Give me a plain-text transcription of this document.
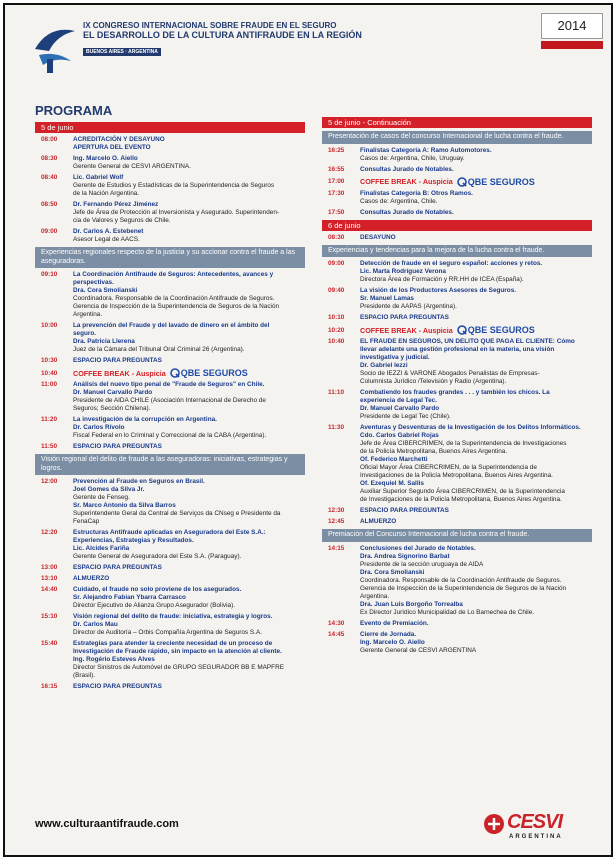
IX CONGRESO INTERNACIONAL SOBRE FRAUDE EN EL SEGURO
EL DESARROLLO DE LA CULTURA ANTIFRAUDE EN LA REGIÓN
BUENOS AIRES · ARGENTINA
2014
PROGRAMA
5 de junio
08:00	ACREDITACIÓN Y DESAYUNO
APERTURA DEL EVENTO
08:30	Ing. Marcelo O. Aiello
Gerente General de CESVI ARGENTINA.
08:40	Lic. Gabriel Wolf
Gerente de Estudios y Estadísticas de la Superintendencia de Seguros
de la Nación Argentina.
08:50	Dr. Fernando Pérez Jiménez
Jefe de Área de Protección al Inversionista y Asegurado. Superintenden-
cia de Valores y Seguros de Chile.
09:00	Dr. Carlos A. Estebenet
Asesor Legal de AACS.
Experiencias regionales respecto de la justicia y su accionar contra el fraude a las aseguradoras.
09:10	La Coordinación Antifraude de Seguros: Antecedentes, avances y
perspectivas.
Dra. Cora Smolianski
Coordinadora. Responsable de la Coordinación Antifraude de Seguros.
Gerencia de Inspección de la Superintendencia de Seguros de la Nación
Argentina.
10:00	La prevención del Fraude y del lavado de dinero en el ámbito del
seguro.
Dra. Patricia Llerena
Juez de la Cámara del Tribunal Oral Criminal 26 (Argentina).
10:30	ESPACIO PARA PREGUNTAS
10:40	COFFEE BREAK - Auspicia QBE SEGUROS
11:00	Análisis del nuevo tipo penal de "Fraude de Seguros" en Chile.
Dr. Manuel Carvallo Pardo
Presidente de AIDA CHILE (Asociación Internacional de Derecho de
Seguros; Sección Chilena).
11:20	La investigación de la corrupción en Argentina.
Dr. Carlos Rívolo
Fiscal Federal en lo Criminal y Correccional de la CABA (Argentina).
11:50	ESPACIO PARA PREGUNTAS
Visión regional del delito de fraude a las aseguradoras: iniciativas, estrategias y logros.
12:00	Prevención al Fraude en Seguros en Brasil.
Joel Gomes da Silva Jr.
Gerente de Fenseg.
Sr. Marco Antonio da Silva Barros
Superintendente Geral da Central de Serviços da CNseg e Presidente da
FenaCap
12:20	Estructuras Antifraude aplicadas en Aseguradora del Este S.A.:
Experiencias, Estrategias y Resultados.
Lic. Alcides Fariña
Gerente General de Aseguradora del Este S.A. (Paraguay).
13:00	ESPACIO PARA PREGUNTAS
13:10	ALMUERZO
14:40	Cuidado, el fraude no solo proviene de los asegurados.
Sr. Alejandro Fabian Ybarra Carrasco
Director Ejecutivo de Alianza Grupo Asegurador (Bolivia).
15:10	Visión regional del delito de fraude: iniciativa, estrategia y logros.
Dr. Carlos Mau
Director de Auditoría – Orbis Compañía Argentina de Seguros S.A.
15:40	Estrategias para atender la creciente necesidad de un proceso de
Investigación de Fraude rápido, sin impacto en la atención al cliente.
Ing. Rogério Esteves Alves
Director Sinistros de Automóvel de GRUPO SEGURADOR BB E MAPFRE
(Brasil).
16:15	ESPACIO PARA PREGUNTAS
5 de junio - Continuación
Presentación de casos del concurso Internacional de lucha contra el fraude.
16:25	Finalistas Categoría A: Ramo Automotores.
Casos de: Argentina, Chile, Uruguay.
16:55	Consultas Jurado de Notables.
17:00	COFFEE BREAK - Auspicia QBE SEGUROS
17:30	Finalistas Categoría B: Otros Ramos.
Casos de: Argentina, Chile.
17:50	Consultas Jurado de Notables.
6 de junio
08:30	DESAYUNO
Experiencias y tendencias para la mejora de la lucha contra el fraude.
09:00	Detección de fraude en el seguro español: acciones y retos.
Lic. Marta Rodríguez Verona
Directora Área de Formación y RR.HH de ICEA (España).
09:40	La visión de los Productores Asesores de Seguros.
Sr. Manuel Lamas
Presidente de AAPAS (Argentina).
10:10	ESPACIO PARA PREGUNTAS
10:20	COFFEE BREAK - Auspicia QBE SEGUROS
10:40	EL FRAUDE EN SEGUROS, UN DELITO QUE PAGA EL CLIENTE: Cómo
llevar adelante una gestión profesional en la materia, una visión
investigativa y judicial.
Dr. Gabriel Iezzi
Socio de IEZZI & VARONE Abogados Penalistas de Empresas-
Columnista Jurídico /Televisión y Radio (Argentina).
11:10	Combatiendo los fraudes grandes . . . y también los chicos. La
experiencia de Legal Tec.
Dr. Manuel Carvallo Pardo
Presidente de Legal Tec (Chile).
11:30	Aventuras y Desventuras de la Investigación de los Delitos Informáticos.
Cdo. Carlos Gabriel Rojas
Jefe de Área CIBERCRIMEN, de la Superintendencia de Investigaciones
de la Policía Metropolitana, Buenos Aires Argentina.
Of. Federico Marchetti
Oficial Mayor Área CIBERCRIMEN, de la Superintendencia de
Investigaciones de la Policía Metropolitana, Buenos Aires Argentina.
Of. Ezequiel M. Sallis
Auxiliar Superior Segundo Área CIBERCRIMEN, de la Superintendencia
de Investigaciones de la Policía Metropolitana, Buenos Aires Argentina.
12:30	ESPACIO PARA PREGUNTAS
12:45	ALMUERZO
Premiación del Concurso Internacional de lucha contra el fraude.
14:15	Conclusiones del Jurado de Notables.
Dra. Andrea Signorino Barbat
Presidente de la sección uruguaya de AIDA
Dra. Cora Smolianski
Coordinadora. Responsable de la Coordinación Antifraude de Seguros.
Gerencia de Inspección de la Superintendencia de Seguros de la Nación
Argentina.
Dra. Juan Luis Borgoño Torrealba
Ex Director Jurídico Municipalidad de Lo Barnechea de Chile.
14:30	Evento de Premiación.
14:45	Cierre de Jornada.
Ing. Marcelo O. Aiello
Gerente General de CESVI ARGENTINA
www.culturaantifraude.com	CESVI
ARGENTINA
